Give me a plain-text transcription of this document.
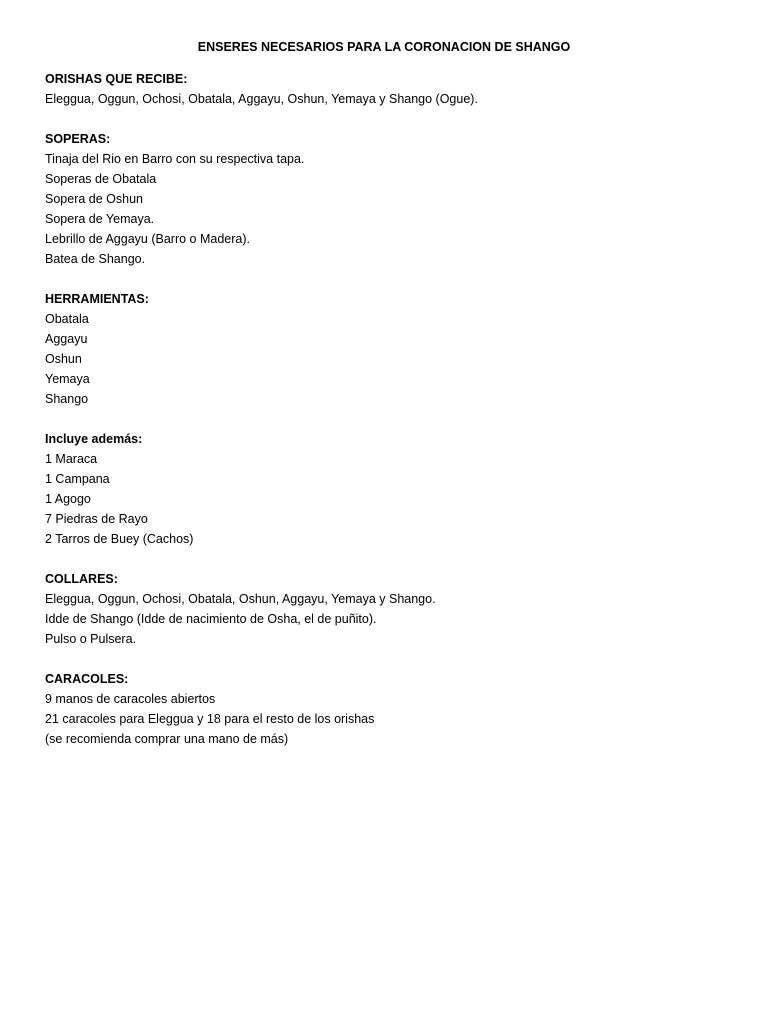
ENSERES NECESARIOS PARA LA CORONACION DE SHANGO

ORISHAS QUE RECIBE:

Eleggua, Oggun, Ochosi, Obatala, Aggayu, Oshun, Yemaya y Shango (Ogue).

SOPERAS:

Tinaja del Rio en Barro con su respectiva tapa.
Soperas de Obatala
Sopera de Oshun
Sopera de Yemaya.
Lebrillo de Aggayu (Barro o Madera).
Batea de Shango.

HERRAMIENTAS:

Obatala
Aggayu
Oshun
Yemaya
Shango

Incluye además:

1 Maraca
1 Campana
1 Agogo
7 Piedras de Rayo
2 Tarros de Buey (Cachos)

COLLARES:

Eleggua, Oggun, Ochosi, Obatala, Oshun, Aggayu, Yemaya y Shango.
Idde de Shango (Idde de nacimiento de Osha, el de puñito).
Pulso o Pulsera.

CARACOLES:

9 manos de caracoles abiertos
21 caracoles para Eleggua y 18 para el resto de los orishas
(se recomienda comprar una mano de más)
